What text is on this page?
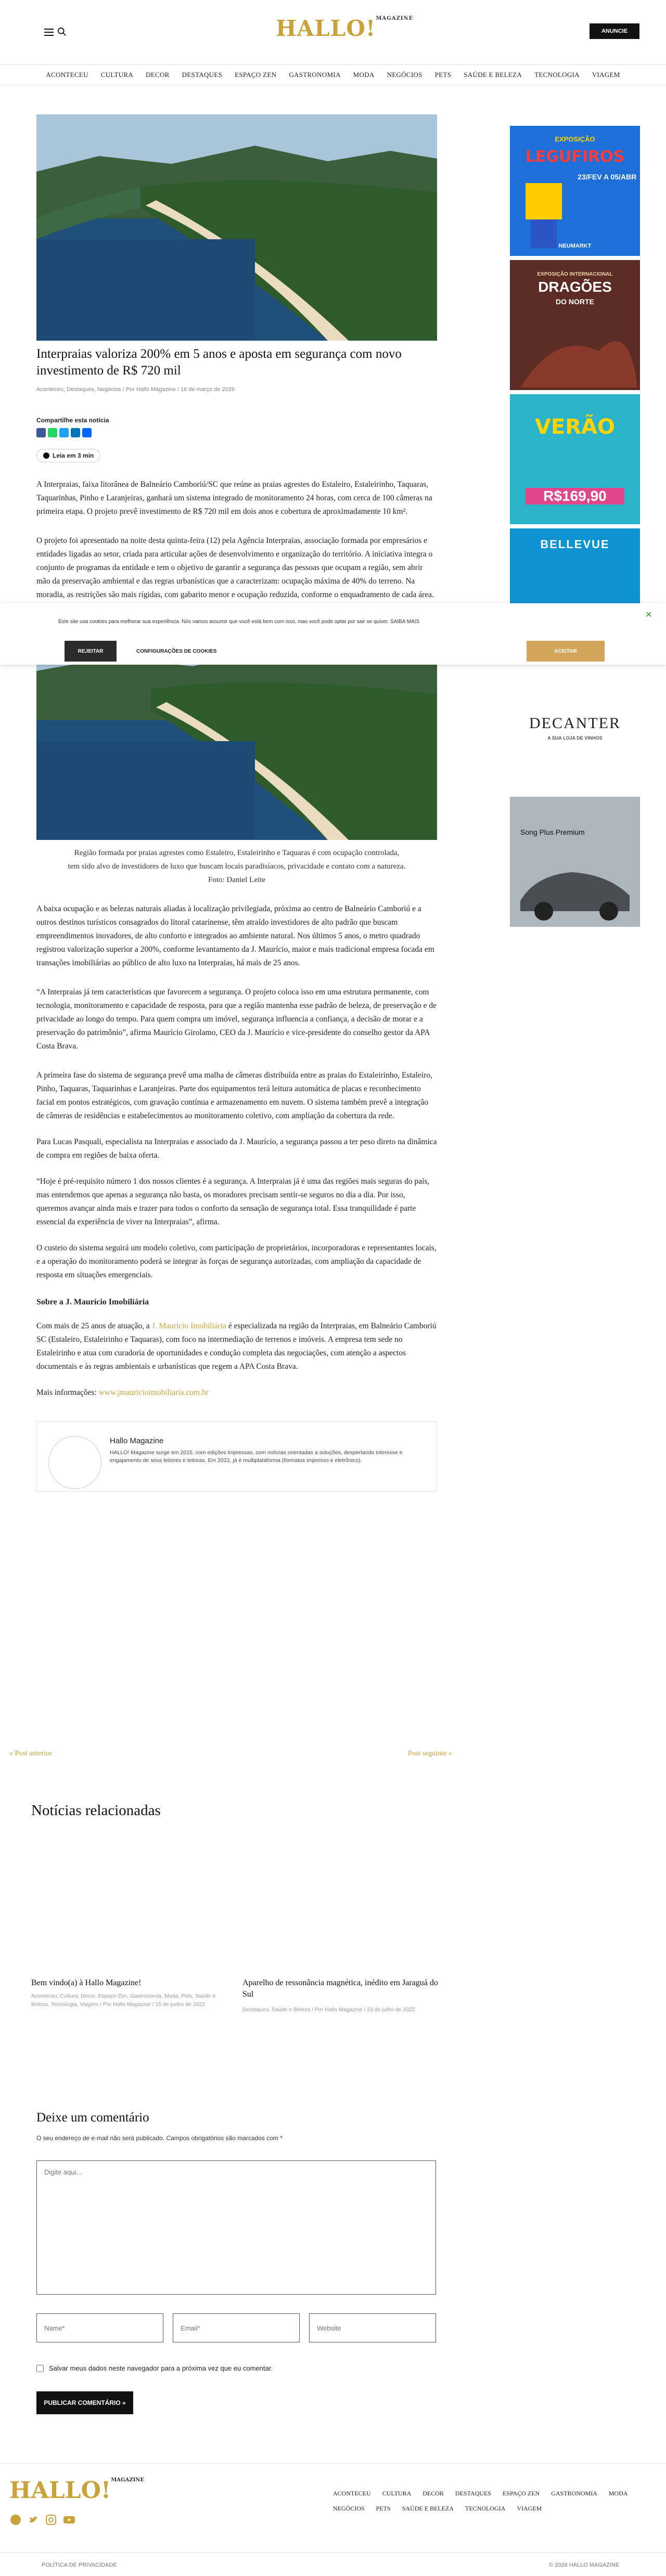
HALLO!$^{MAGAZINE}$
ANUNCIE
ACONTECEU CULTURA DECOR DESTAQUES ESPAÇO ZEN GASTRONOMIA MODA NEGÓCIOS PETS SAÚDE E BELEZA TECNOLOGIA VIAGEM
Interpraias valoriza 200% em 5 anos e aposta em segurança com novo investimento de R$ 720 mil
Aconteceu, Destaques, Negócios / Por Hallo Magazine / 16 de março de 2026
Compartilhe esta notícia
Leia em 3 min

A Interpraias, faixa litorânea de Balneário Camboriú/SC que reúne as praias agrestes do Estaleiro, Estaleirinho, Taquaras, Taquarinhas, Pinho e Laranjeiras, ganhará um sistema integrado de monitoramento 24 horas, com cerca de 100 câmeras na primeira etapa. O projeto prevê investimento de R$ 720 mil em dois anos e cobertura de aproximadamente 10 km².

O projeto foi apresentado na noite desta quinta-feira (12) pela Agência Interpraias, associação formada por empresários e entidades ligadas ao setor, criada para articular ações de desenvolvimento e organização do território. A iniciativa integra o conjunto de programas da entidade e tem o objetivo de garantir a segurança das pessoas que ocupam a região, sem abrir mão da preservação ambiental e das regras urbanísticas que a caracterizam: ocupação máxima de 40% do terreno. Na moradia, as restrições são mais rígidas, com gabarito menor e ocupação reduzida, conforme o enquadramento de cada área.

Região formada por praias agrestes como Estaleiro, Estaleirinho e Taquaras é com ocupação controlada, tem sido alvo de investidores de luxo que buscam locais paradisíacos, privacidade e contato com a natureza. Foto: Daniel Leite

A baixa ocupação e as belezas naturais aliadas à localização privilegiada, próxima ao centro de Balneário Camboriú e a outros destinos turísticos consagrados do litoral catarinense, têm atraído investidores de alto padrão que buscam empreendimentos inovadores, de alto conforto e integrados ao ambiente natural. Nos últimos 5 anos, o metro quadrado registrou valorização superior a 200%, conforme levantamento da J. Maurício, maior e mais tradicional empresa focada em transações imobiliárias ao público de alto luxo na Interpraias, há mais de 25 anos.

“A Interpraias já tem características que favorecem a segurança. O projeto coloca isso em uma estrutura permanente, com tecnologia, monitoramento e capacidade de resposta, para que a região mantenha esse padrão de beleza, de preservação e de privacidade ao longo do tempo. Para quem compra um imóvel, segurança influencia a confiança, a decisão de morar e a preservação do patrimônio”, afirma Maurício Girolamo, CEO da J. Maurício e vice-presidente do conselho gestor da APA Costa Brava.

A primeira fase do sistema de segurança prevê uma malha de câmeras distribuída entre as praias do Estaleirinho, Estaleiro, Pinho, Taquaras, Taquarinhas e Laranjeiras. Parte dos equipamentos terá leitura automática de placas e reconhecimento facial em pontos estratégicos, com gravação contínua e armazenamento em nuvem. O sistema também prevê a integração de câmeras de residências e estabelecimentos ao monitoramento coletivo, com ampliação da cobertura da rede.

Para Lucas Pasquali, especialista na Interpraias e associado da J. Maurício, a segurança passou a ter peso direto na dinâmica de compra em regiões de baixa oferta.

“Hoje é pré-requisito número 1 dos nossos clientes é a segurança. A Interpraias já é uma das regiões mais seguras do país, mas entendemos que apenas a segurança não basta, os moradores precisam sentir-se seguros no dia a dia. Por isso, queremos avançar ainda mais e trazer para todos o conforto da sensação de segurança total. Essa tranquilidade é parte essencial da experiência de viver na Interpraias”, afirma.

O custeio do sistema seguirá um modelo coletivo, com participação de proprietários, incorporadoras e representantes locais, e a operação do monitoramento poderá se integrar às forças de segurança autorizadas, com ampliação da capacidade de resposta em situações emergenciais.

Sobre a J. Maurício Imobiliária

Com mais de 25 anos de atuação, a J. Maurício Imobiliária é especializada na região da Interpraias, em Balneário Camboriú SC (Estaleiro, Estaleirinho e Taquaras), com foco na intermediação de terrenos e imóveis. A empresa tem sede no Estaleirinho e atua com curadoria de oportunidades e condução completa das negociações, com atenção a aspectos documentais e às regras ambientais e urbanísticas que regem a APA Costa Brava.

Mais informações: www.jmauricioimobiliaria.com.br

Hallo Magazine
HALLO! Magazine surge em 2015, com edições impressas, com notícias orientadas a soluções, despertando interesse e engajamento de seus leitores e leitoras. Em 2022, já é multiplataforma (formatos impresso e eletrônico).
Este site usa cookies para melhorar sua experiência. Nós vamos assumir que você está bem com isso, mas você pode optar por sair se quiser. SAIBA MAIS
✕
REJEITAR	CONFIGURAÇÕES DE COOKIES	ACEITAR
EXPOSIÇÃO
LEGUFIROS
23/FEV A 05/ABR
NEUMARKT
EXPOSIÇÃO INTERNACIONAL
DRAGÕES
DO NORTE
VERÃO
R$169,90
BELLEVUE
DECANTER
A SUA LOJA DE VINHOS
Song Plus Premium
« Post anterior	Post seguinte »
Notícias relacionadas
Bem vindo(a) à Hallo Magazine!
Aconteceu, Cultura, Decor, Espaço Zen, Gastronomia, Moda, Pets, Saúde e Beleza, Tecnologia, Viagem / Por Hallo Magazine / 15 de junho de 2022
Aparelho de ressonância magnética, inédito em Jaraguá do Sul
Destaques, Saúde e Beleza / Por Hallo Magazine / 23 de julho de 2022
Deixe um comentário
O seu endereço de e-mail não será publicado. Campos obrigatórios são marcados com *
Digite aqui...
Name*
Email*
Website
Salvar meus dados neste navegador para a próxima vez que eu comentar.
PUBLICAR COMENTÁRIO »
HALLO!$^{MAGAZINE}$
ACONTECEU CULTURA DECOR DESTAQUES ESPAÇO ZEN GASTRONOMIA MODA
NEGÓCIOS PETS SAÚDE E BELEZA TECNOLOGIA VIAGEM
POLÍTICA DE PRIVACIDADE	© 2026 HALLO MAGAZINE
